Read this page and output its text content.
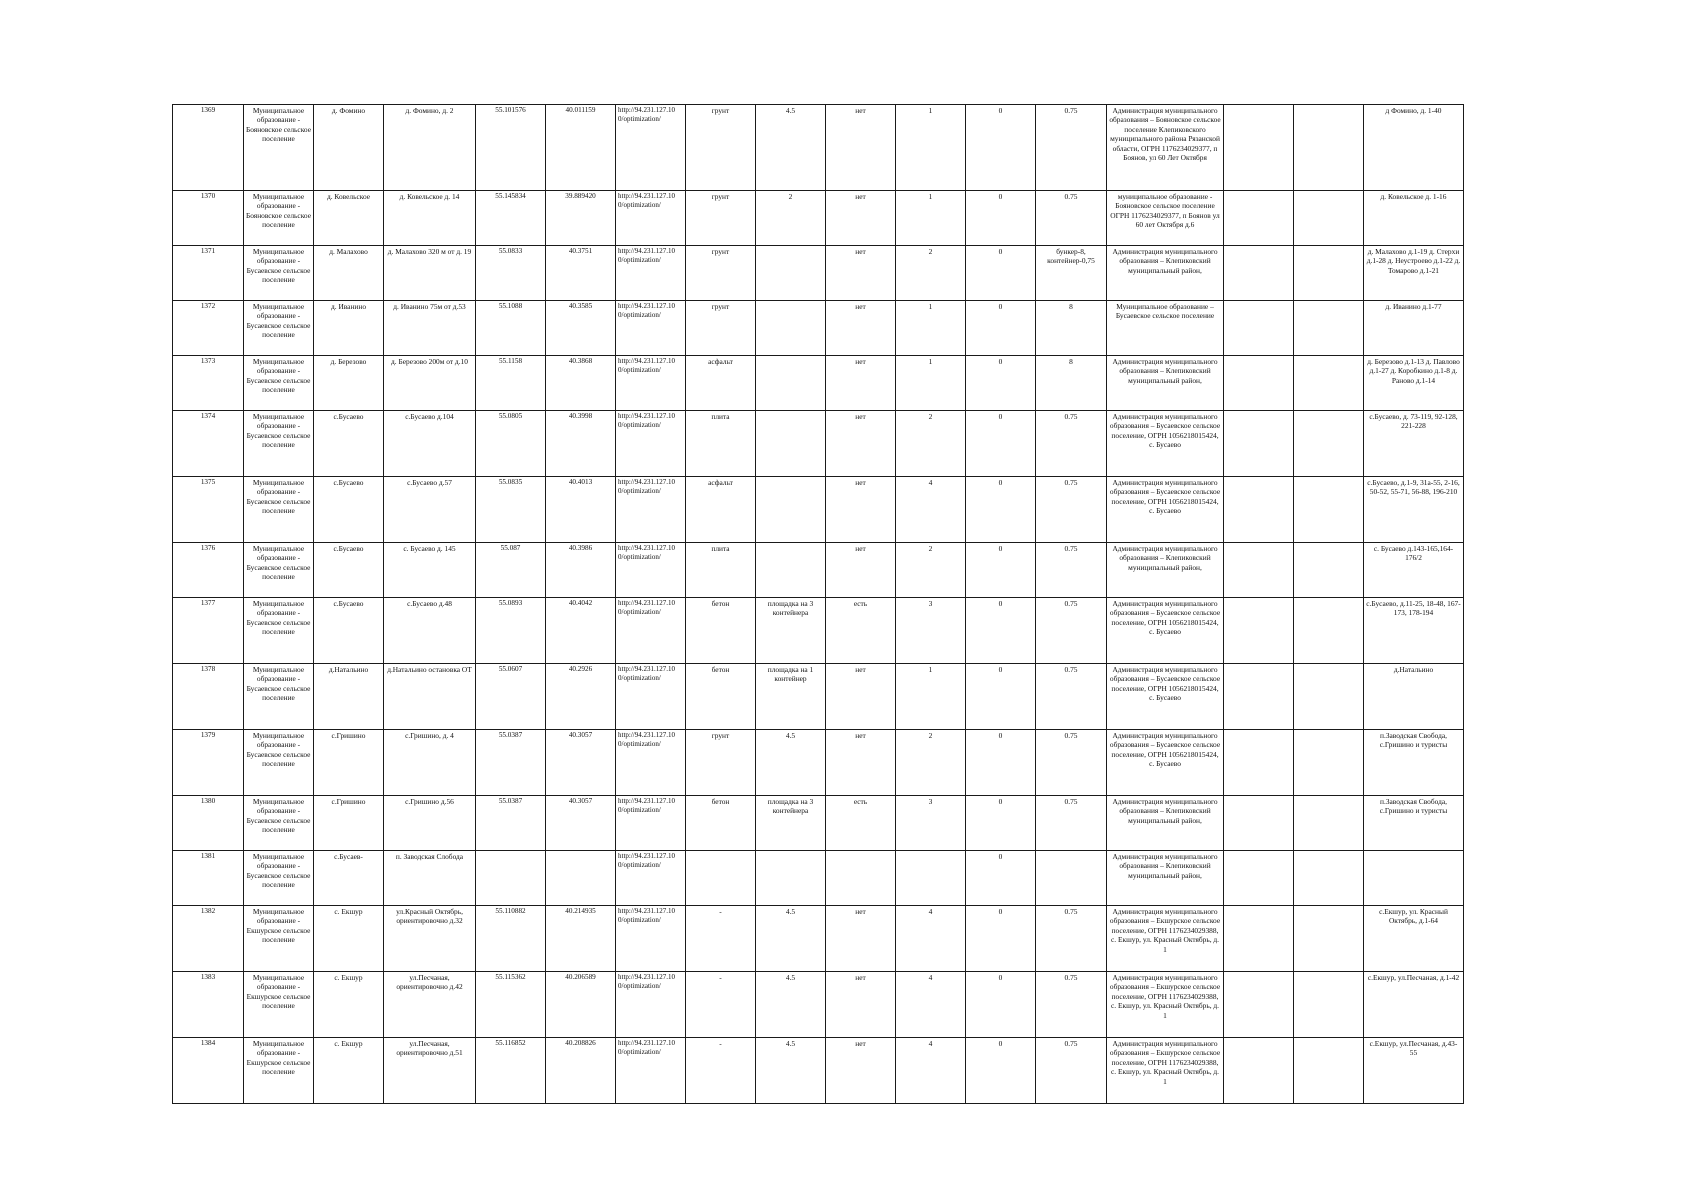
1369	Муниципальное образование - Бояновское сельское поселение	д. Фомино	д. Фомино, д. 2	55.101576	40.011159	http://94.231.127.10 0/optimization/	грунт	4.5	нет	1	0	0.75	Администрация муниципального образования – Бояновское сельское поселение Клепиковского муниципального района Рязанской области, ОГРН 1176234029377, п Боянов, ул 60 Лет Октября			д Фомино, д. 1-40
1370	Муниципальное образование - Бояновское сельское поселение	д. Ковельское	д. Ковельское д. 14	55.145834	39.889420	http://94.231.127.10 0/optimization/	грунт	2	нет	1	0	0.75	муниципальное образование - Бояновское сельское поселение ОГРН 1176234029377, п Боянов ул 60 лет Октября д.6			д. Ковельское д. 1-16
1371	Муниципальное образование - Бусаевское сельское поселение	д. Малахово	д. Малахово 320 м от д. 19	55.0833	40.3751	http://94.231.127.10 0/optimization/	грунт		нет	2	0	бункер-8, контейнер-0,75	Администрация муниципального образования – Клепиковский муниципальный район,			д. Малахово д.1-19 д. Стерхи д.1-28 д. Неустроево д.1-22 д. Томарово д.1-21
1372	Муниципальное образование - Бусаевское сельское поселение	д. Иванино	д. Иванино 75м от д.53	55.1088	40.3585	http://94.231.127.10 0/optimization/	грунт		нет	1	0	8	Муниципальное образование – Бусаевское сельское поселение			д. Иванино д.1-77
1373	Муниципальное образование - Бусаевское сельское поселение	д. Березово	д. Березово 200м от д.10	55.1158	40.3868	http://94.231.127.10 0/optimization/	асфальт		нет	1	0	8	Администрация муниципального образования – Клепиковский муниципальный район,			д. Березово д.1-13 д. Павлово д.1-27 д. Коробкино д.1-8 д. Раново д.1-14
1374	Муниципальное образование - Бусаевское сельское поселение	с.Бусаево	с.Бусаево д.104	55.0805	40.3998	http://94.231.127.10 0/optimization/	плита		нет	2	0	0.75	Администрация муниципального образования – Бусаевское сельское поселение, ОГРН 1056218015424, с. Бусаево			с.Бусаево, д. 73-119, 92-128, 221-228
1375	Муниципальное образование - Бусаевское сельское поселение	с.Бусаево	с.Бусаево д.57	55.0835	40.4013	http://94.231.127.10 0/optimization/	асфальт		нет	4	0	0.75	Администрация муниципального образования – Бусаевское сельское поселение, ОГРН 1056218015424, с. Бусаево			с.Бусаево, д.1-9, 31а-55, 2-16, 50-52, 55-71, 56-88, 196-210
1376	Муниципальное образование - Бусаевское сельское поселение	с.Бусаево	с. Бусаево д. 145	55.087	40.3986	http://94.231.127.10 0/optimization/	плита		нет	2	0	0.75	Администрация муниципального образования – Клепиковский муниципальный район,			с. Бусаево д.143-165,164-176/2
1377	Муниципальное образование - Бусаевское сельское поселение	с.Бусаево	с.Бусаево д.48	55.0893	40.4042	http://94.231.127.10 0/optimization/	бетон	площадка на 3 контейнера	есть	3	0	0.75	Администрация муниципального образования – Бусаевское сельское поселение, ОГРН 1056218015424, с. Бусаево			с.Бусаево, д.11-25, 18-48, 167-173, 178-194
1378	Муниципальное образование - Бусаевское сельское поселение	д.Натальино	д.Натальино остановка ОТ	55.0607	40.2926	http://94.231.127.10 0/optimization/	бетон	площадка на 1 контейнер	нет	1	0	0.75	Администрация муниципального образования – Бусаевское сельское поселение, ОГРН 1056218015424, с. Бусаево			д.Натальино
1379	Муниципальное образование - Бусаевское сельское поселение	с.Гришино	с.Гришино, д. 4	55.0387	40.3057	http://94.231.127.10 0/optimization/	грунт	4.5	нет	2	0	0.75	Администрация муниципального образования – Бусаевское сельское поселение, ОГРН 1056218015424, с. Бусаево			п.Заводская Свобода, с.Гришино и туристы
1380	Муниципальное образование - Бусаевское сельское поселение	с.Гришино	с.Гришино д.56	55.0387	40.3057	http://94.231.127.10 0/optimization/	бетон	площадка на 3 контейнера	есть	3	0	0.75	Администрация муниципального образования – Клепиковский муниципальный район,			п.Заводская Свобода, с.Гришино и туристы
1381	Муниципальное образование - Бусаевское сельское поселение	с.Бусаев-	п. Заводская Слобода			http://94.231.127.10 0/optimization/					0		Администрация муниципального образования – Клепиковский муниципальный район,			
1382	Муниципальное образование - Екшурское сельское поселение	с. Екшур	ул.Красный Октябрь, ориентировочно д.32	55.110882	40.214935	http://94.231.127.10 0/optimization/	-	4.5	нет	4	0	0.75	Администрация муниципального образования – Екшурское сельское поселение, ОГРН 1176234029388, с. Екшур, ул. Красный Октябрь, д. 1			с.Екшур, ул. Красный Октябрь, д.1-64
1383	Муниципальное образование - Екшурское сельское поселение	с. Екшур	ул.Песчаная, ориентировочно д.42	55.115362	40.206589	http://94.231.127.10 0/optimization/	-	4.5	нет	4	0	0.75	Администрация муниципального образования – Екшурское сельское поселение, ОГРН 1176234029388, с. Екшур, ул. Красный Октябрь, д. 1			с.Екшур, ул.Песчаная, д.1-42
1384	Муниципальное образование - Екшурское сельское поселение	с. Екшур	ул.Песчаная, ориентировочно д.51	55.116852	40.208826	http://94.231.127.10 0/optimization/	-	4.5	нет	4	0	0.75	Администрация муниципального образования – Екшурское сельское поселение, ОГРН 1176234029388, с. Екшур, ул. Красный Октябрь, д. 1			с.Екшур, ул.Песчаная, д.43-55
